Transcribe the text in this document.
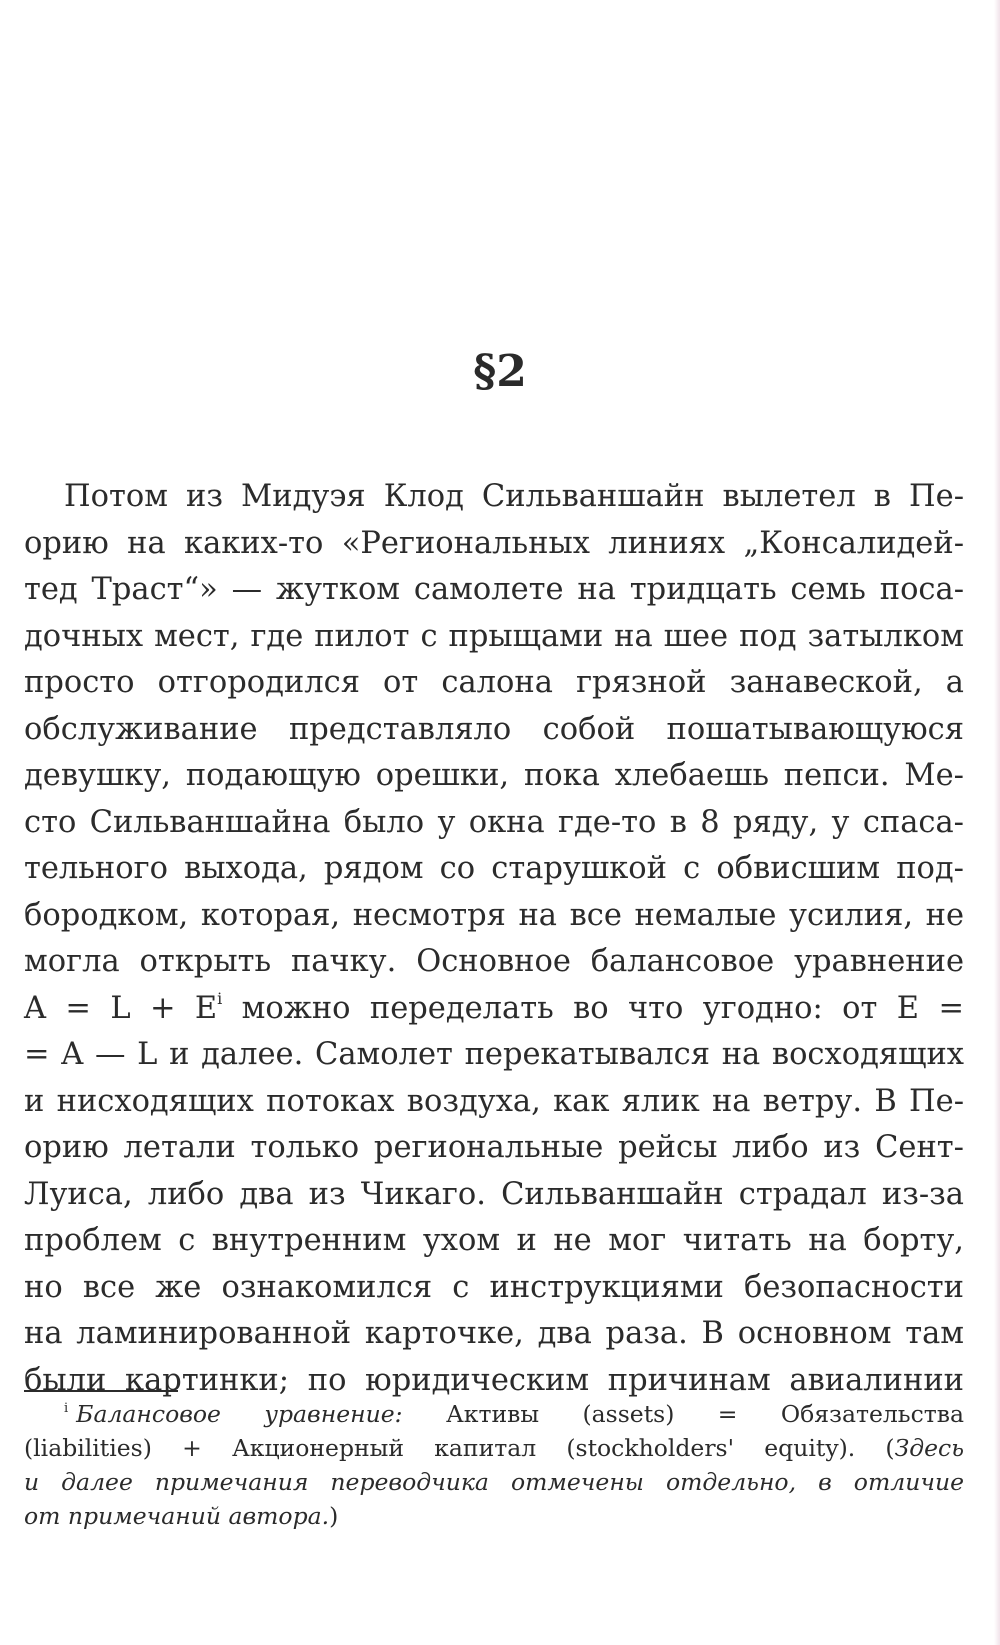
§2
Потом из Мидуэя Клод Сильваншайн вылетел в Пе-
орию на каких-то «Региональных линиях „Консалидей-
тед Траст“» — жутком самолете на тридцать семь поса-
дочных мест, где пилот с прыщами на шее под затылком
просто отгородился от салона грязной занавеской, а
обслуживание представляло собой пошатывающуюся
девушку, подающую орешки, пока хлебаешь пепси. Ме-
сто Сильваншайна было у окна где-то в 8 ряду, у спаса-
тельного выхода, рядом со старушкой с обвисшим под-
бородком, которая, несмотря на все немалые усилия, не
могла открыть пачку. Основное балансовое уравнение
A = L + E$^i$ можно переделать во что угодно: от E =
= A — L и далее. Самолет перекатывался на восходящих
и нисходящих потоках воздуха, как ялик на ветру. В Пе-
орию летали только региональные рейсы либо из Сент-
Луиса, либо два из Чикаго. Сильваншайн страдал из-за
проблем с внутренним ухом и не мог читать на борту,
но все же ознакомился с инструкциями безопасности
на ламинированной карточке, два раза. В основном там
были картинки; по юридическим причинам авиалинии
$^i$ Балансовое уравнение: Активы (assets) = Обязательства
(liabilities) + Акционерный капитал (stockholders' equity). (Здесь
и далее примечания переводчика отмечены отдельно, в отличие
от примечаний автора.)
